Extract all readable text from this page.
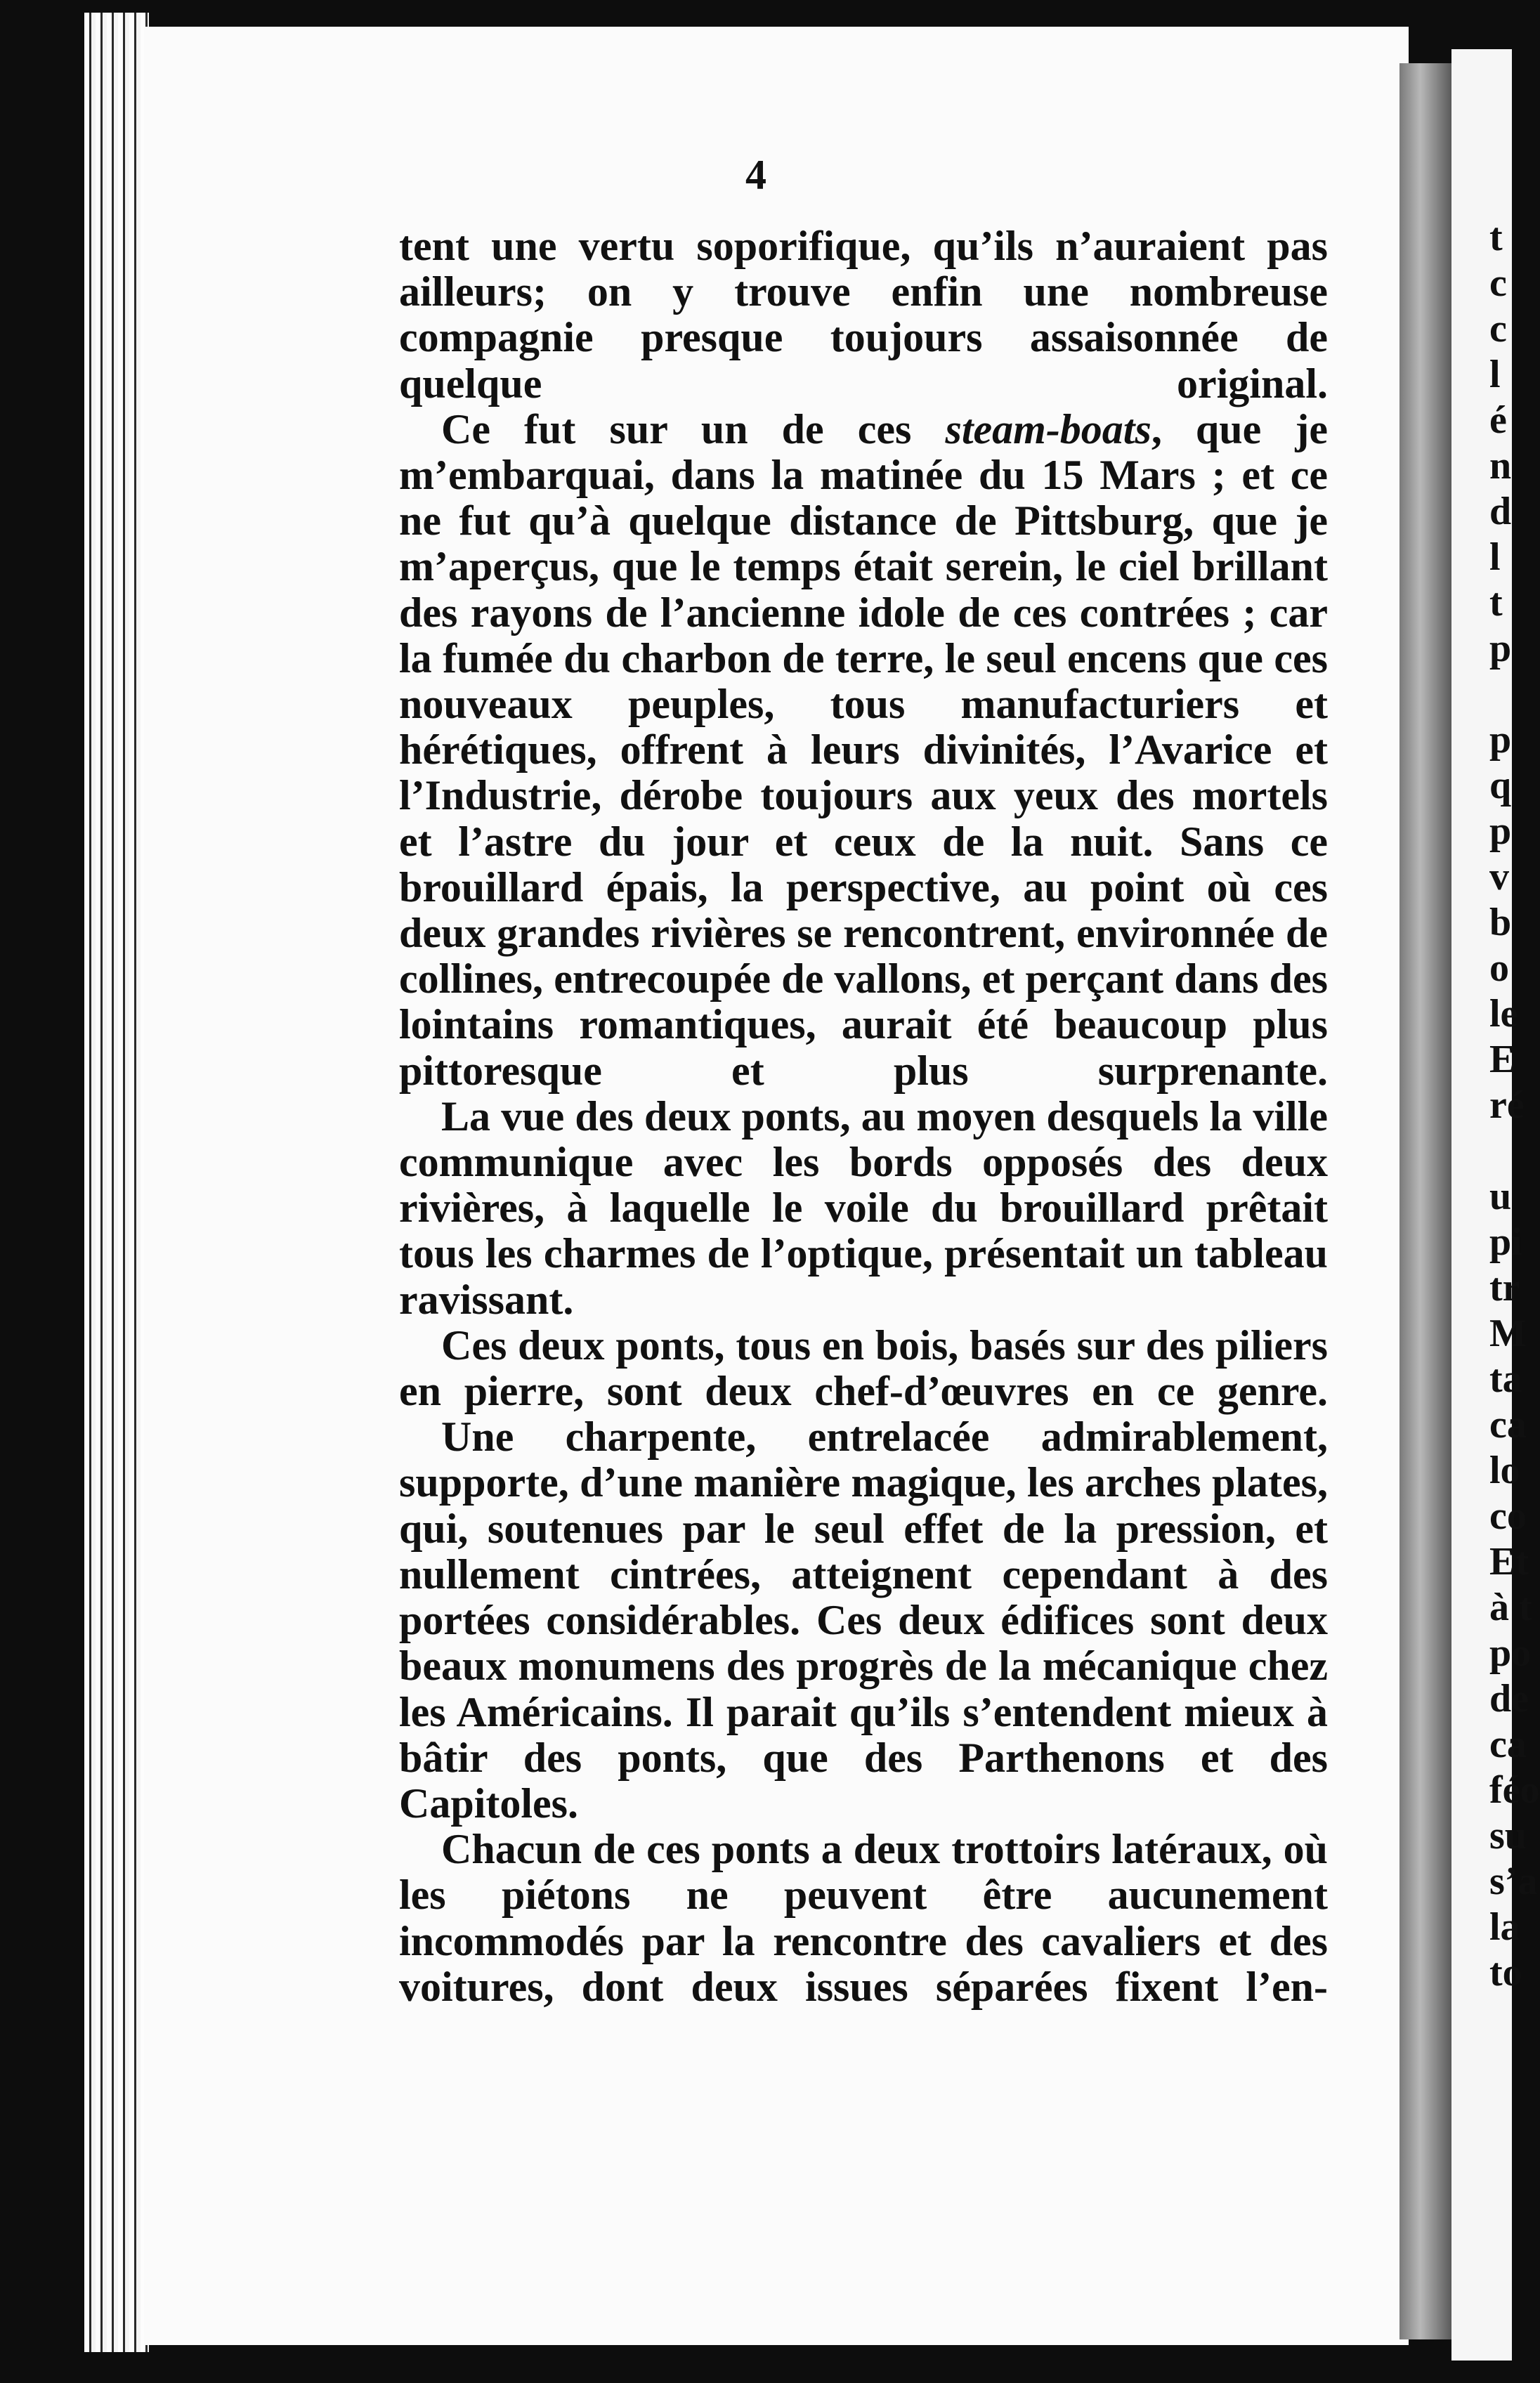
t
c
c
l
é
n
d
l
t
p
p
q
p
v
b
o
le
E
ré
u
pi
tr
M
ta
ca
lo
co
Et
à t
po
de
ca
féo
su
s’a
la
to
4

tent une vertu soporifique, qu’ils n’auraient pas ailleurs; on y trouve enfin une nombreuse compagnie presque toujours assaisonnée de quelque original.

Ce fut sur un de ces steam-boats, que je m’embarquai, dans la matinée du 15 Mars ; et ce ne fut qu’à quelque distance de Pittsburg, que je m’aperçus, que le temps était serein, le ciel brillant des rayons de l’ancienne idole de ces contrées ; car la fumée du charbon de terre, le seul encens que ces nouveaux peuples, tous manufacturiers et hérétiques, offrent à leurs divinités, l’Avarice et l’Industrie, dérobe toujours aux yeux des mortels et l’astre du jour et ceux de la nuit. Sans ce brouillard épais, la perspective, au point où ces deux grandes rivières se rencontrent, environnée de collines, entrecoupée de vallons, et perçant dans des lointains romantiques, aurait été beaucoup plus pittoresque et plus surprenante.

La vue des deux ponts, au moyen desquels la ville communique avec les bords opposés des deux rivières, à laquelle le voile du brouillard prêtait tous les charmes de l’optique, présentait un tableau ravissant.

Ces deux ponts, tous en bois, basés sur des piliers en pierre, sont deux chef-d’œuvres en ce genre.

Une charpente, entrelacée admirablement, supporte, d’une manière magique, les arches plates, qui, soutenues par le seul effet de la pression, et nullement cintrées, atteignent cependant à des portées considérables. Ces deux édifices sont deux beaux monumens des progrès de la mécanique chez les Américains. Il parait qu’ils s’entendent mieux à bâtir des ponts, que des Parthenons et des Capitoles.

Chacun de ces ponts a deux trottoirs latéraux, où les piétons ne peuvent être aucunement incommodés par la rencontre des cavaliers et des voitures, dont deux issues séparées fixent l’en-
